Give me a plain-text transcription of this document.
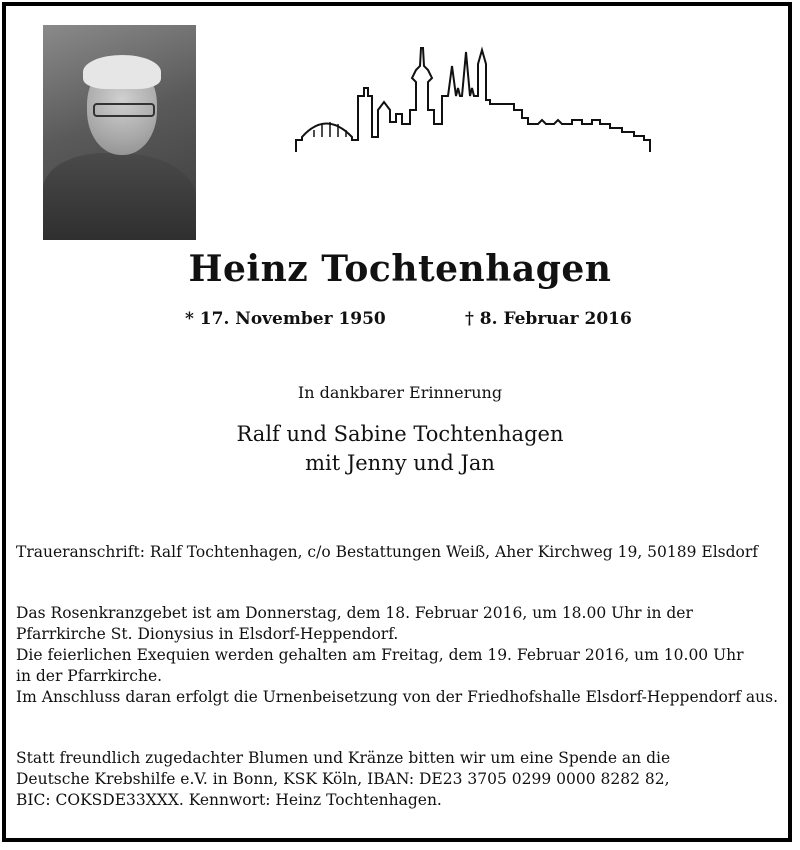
Heinz Tochtenhagen
* 17. November 1950	† 8. Februar 2016
In dankbarer Erinnerung
Ralf und Sabine Tochtenhagen
mit Jenny und Jan
Traueranschrift: Ralf Tochtenhagen, c/o Bestattungen Weiß, Aher Kirchweg 19, 50189 Elsdorf
Das Rosenkranzgebet ist am Donnerstag, dem 18. Februar 2016, um 18.00 Uhr in der
Pfarrkirche St. Dionysius in Elsdorf-Heppendorf.
Die feierlichen Exequien werden gehalten am Freitag, dem 19. Februar 2016, um 10.00 Uhr
in der Pfarrkirche.
Im Anschluss daran erfolgt die Urnenbeisetzung von der Friedhofshalle Elsdorf-Heppendorf aus.
Statt freundlich zugedachter Blumen und Kränze bitten wir um eine Spende an die
Deutsche Krebshilfe e.V. in Bonn, KSK Köln, IBAN: DE23 3705 0299 0000 8282 82,
BIC: COKSDE33XXX. Kennwort: Heinz Tochtenhagen.
